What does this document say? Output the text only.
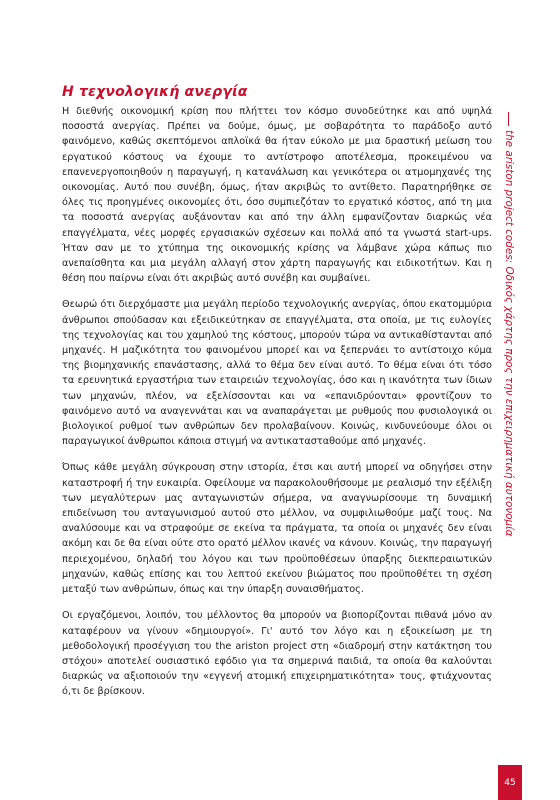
Η τεχνολογική ανεργία

Η διεθνής οικονομική κρίση που πλήττει τον κόσμο συνοδεύτηκε και από υψηλά ποσοστά ανεργίας. Πρέπει να δούμε, όμως, με σοβαρότητα το παράδοξο αυτό φαινόμενο, καθώς σκεπτόμενοι απλοϊκά θα ήταν εύκολο με μια δραστική μείωση του εργατικού κόστους να έχουμε το αντίστροφο αποτέλεσμα, προκειμένου να επανενεργοποιηθούν η παραγωγή, η κατανάλωση και γενικότερα οι ατμομηχανές της οικονομίας. Αυτό που συνέβη, όμως, ήταν ακριβώς το αντίθετο. Παρατηρήθηκε σε όλες τις προηγμένες οικονομίες ότι, όσο συμπιεζόταν το εργατικό κόστος, από τη μια τα ποσοστά ανεργίας αυξάνονταν και από την άλλη εμφανίζονταν διαρκώς νέα επαγγέλματα, νέες μορφές εργασιακών σχέσεων και πολλά από τα γνωστά start-ups. Ήταν σαν με το χτύπημα της οικονομικής κρίσης να λάμβανε χώρα κάπως πιο ανεπαίσθητα και μια μεγάλη αλλαγή στον χάρτη παραγωγής και ειδικοτήτων. Και η θέση που παίρνω είναι ότι ακριβώς αυτό συνέβη και συμβαίνει.

Θεωρώ ότι διερχόμαστε μια μεγάλη περίοδο τεχνολογικής ανεργίας, όπου εκατομμύρια άνθρωποι σπούδασαν και εξειδικεύτηκαν σε επαγγέλματα, στα οποία, με τις ευλογίες της τεχνολογίας και του χαμηλού της κόστους, μπορούν τώρα να αντικαθίστανται από μηχανές. Η μαζικότητα του φαινομένου μπορεί και να ξεπερνάει το αντίστοιχο κύμα της βιομηχανικής επανάστασης, αλλά το θέμα δεν είναι αυτό. Το θέμα είναι ότι τόσο τα ερευνητικά εργαστήρια των εταιρειών τεχνολογίας, όσο και η ικανότητα των ίδιων των μηχανών, πλέον, να εξελίσσονται και να «επανιδρύονται» φροντίζουν το φαινόμενο αυτό να αναγεννάται και να αναπαράγεται με ρυθμούς που φυσιολογικά οι βιολογικοί ρυθμοί των ανθρώπων δεν προλαβαίνουν. Κοινώς, κινδυνεύουμε όλοι οι παραγωγικοί άνθρωποι κάποια στιγμή να αντικατασταθούμε από μηχανές.

Όπως κάθε μεγάλη σύγκρουση στην ιστορία, έτσι και αυτή μπορεί να οδηγήσει στην καταστροφή ή την ευκαιρία. Οφείλουμε να παρακολουθήσουμε με ρεαλισμό την εξέλιξη των μεγαλύτερων μας ανταγωνιστών σήμερα, να αναγνωρίσουμε τη δυναμική επιδείνωση του ανταγωνισμού αυτού στο μέλλον, να συμφιλιωθούμε μαζί τους. Να αναλύσουμε και να στραφούμε σε εκείνα τα πράγματα, τα οποία οι μηχανές δεν είναι ακόμη και δε θα είναι ούτε στο ορατό μέλλον ικανές να κάνουν. Κοινώς, την παραγωγή περιεχομένου, δηλαδή του λόγου και των προϋποθέσεων ύπαρξης διεκπεραιωτικών μηχανών, καθώς επίσης και του λεπτού εκείνου βιώματος που προϋποθέτει τη σχέση μεταξύ των ανθρώπων, όπως και την ύπαρξη συναισθήματος.

Οι εργαζόμενοι, λοιπόν, του μέλλοντος θα μπορούν να βιοπορίζονται πιθανά μόνο αν καταφέρουν να γίνουν «δημιουργοί». Γι' αυτό τον λόγο και η εξοικείωση με τη μεθοδολογική προσέγγιση του the ariston project στη «διαδρομή στην κατάκτηση του στόχου» αποτελεί ουσιαστικό εφόδιο για τα σημερινά παιδιά, τα οποία θα καλούνται διαρκώς να αξιοποιούν την «εγγενή ατομική επιχειρηματικότητα» τους, φτιάχνοντας ό,τι δε βρίσκουν.

the ariston project codes: Οδικός χάρτης προς την επιχειρηματική αυτονομία
45
